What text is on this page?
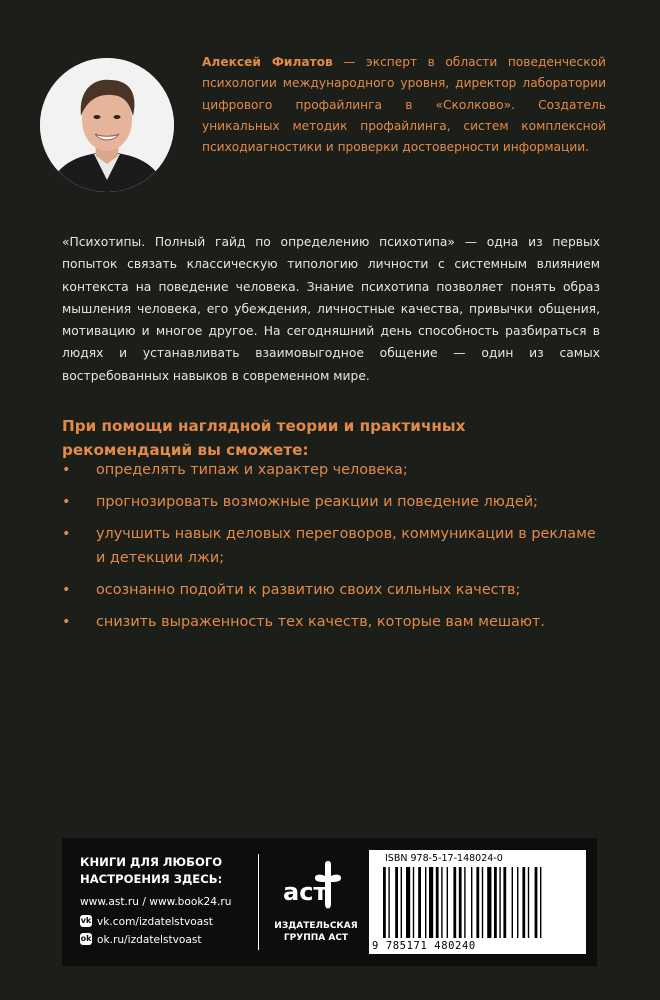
Алексей Филатов — эксперт в области поведенческой психологии международного уровня, директор лаборатории цифрового профайлинга в «Сколково». Создатель уникальных методик профайлинга, систем комплексной психодиагностики и проверки достоверности информации.

«Психотипы. Полный гайд по определению психотипа» — одна из первых попыток связать классическую типологию личности с системным влиянием контекста на поведение человека. Знание психотипа позволяет понять образ мышления человека, его убеждения, личностные качества, привычки общения, мотивацию и многое другое. На сегодняшний день способность разбираться в людях и устанавливать взаимовыгодное общение — один из самых востребованных навыков в современном мире.

При помощи наглядной теории и практичных рекомендаций вы сможете:

• определять типаж и характер человека;
• прогнозировать возможные реакции и поведение людей;
• улучшить навык деловых переговоров, коммуникации в рекламе и детекции лжи;
• осознанно подойти к развитию своих сильных качеств;
• снизить выраженность тех качеств, которые вам мешают.

КНИГИ ДЛЯ ЛЮБОГО
НАСТРОЕНИЯ ЗДЕСЬ:

www.ast.ru / www.book24.ru
vk vk.com/izdatelstvoast
ok ok.ru/izdatelstvoast
аст

ИЗДАТЕЛЬСКАЯ
ГРУППА АСТ

ISBN 978-5-17-148024-0
9 785171 480240
